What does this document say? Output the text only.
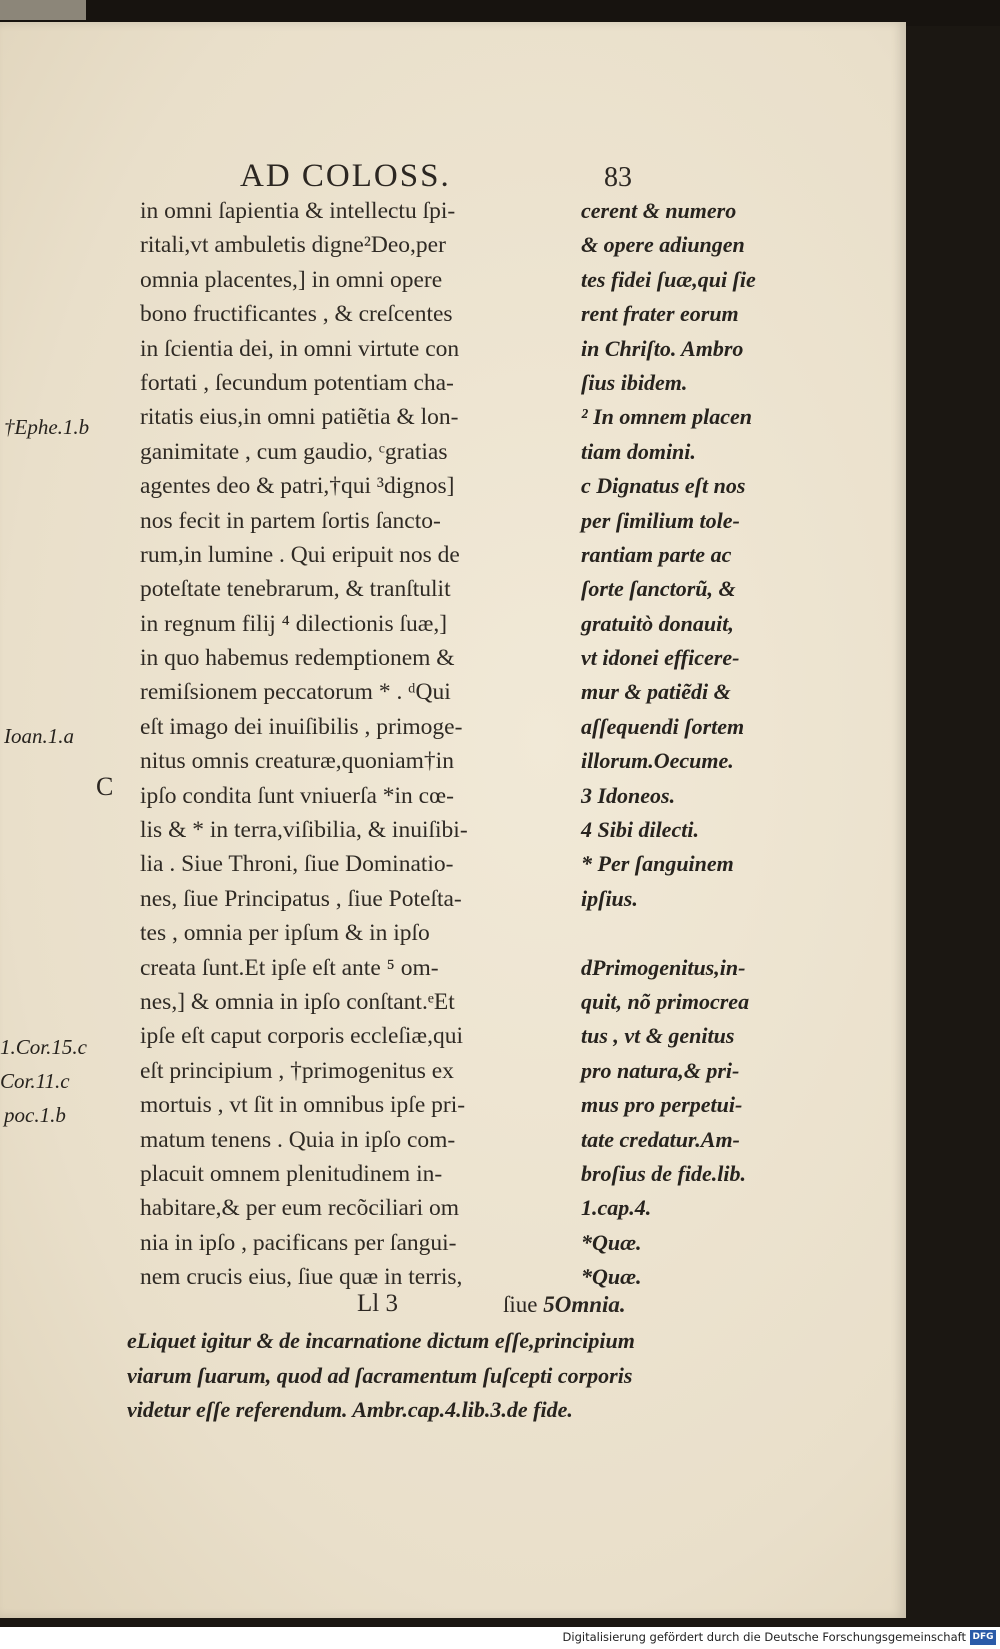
AD COLOSS.	83
in omni ſapientia & intellectu ſpi-
ritali,vt ambuletis digne²Deo,per
omnia placentes,] in omni opere
bono fructificantes , & creſcentes
in ſcientia dei, in omni virtute con
fortati , ſecundum potentiam cha-
ritatis eius,in omni patiẽtia & lon-
ganimitate , cum gaudio, ᶜgratias
agentes deo & patri,†qui ³dignos]
nos fecit in partem ſortis ſancto-
rum,in lumine . Qui eripuit nos de
poteſtate tenebrarum, & tranſtulit
in regnum filij ⁴ dilectionis ſuæ,]
in quo habemus redemptionem &
remiſsionem peccatorum * . ᵈQui
eſt imago dei inuiſibilis , primoge-
nitus omnis creaturæ,quoniam†in
ipſo condita ſunt vniuerſa *in cœ-
lis & * in terra,viſibilia, & inuiſibi-
lia . Siue Throni, ſiue Dominatio-
nes, ſiue Principatus , ſiue Poteſta-
tes , omnia per ipſum & in ipſo
creata ſunt.Et ipſe eſt ante ⁵ om-
nes,] & omnia in ipſo conſtant.ᵉEt
ipſe eſt caput corporis eccleſiæ,qui
eſt principium , †primogenitus ex
mortuis , vt ſit in omnibus ipſe pri-
matum tenens . Quia in ipſo com-
placuit omnem plenitudinem in-
habitare,& per eum recõciliari om
nia in ipſo , pacificans per ſangui-
nem crucis eius, ſiue quæ in terris,
cerent & numero
& opere adiungen
tes fidei ſuæ,qui ſie
rent frater eorum
in Chriſto. Ambro
ſius ibidem.
² In omnem placen
tiam domini.
c Dignatus eſt nos
per ſimilium tole-
rantiam parte ac
ſorte ſanctorũ, &
gratuitò donauit,
vt idonei efficere-
mur & patiẽdi &
aſſequendi ſortem
illorum.Oecume.
3 Idoneos.
4 Sibi dilecti.
* Per ſanguinem
ipſius.
dPrimogenitus,in-
quit, nõ primocrea
tus , vt & genitus
pro natura,& pri-
mus pro perpetui-
tate credatur.Am-
broſius de fide.lib.
1.cap.4.
*Quæ.
*Quæ.
†Ephe.1.b
Ioan.1.a
1.Cor.15.c
Cor.11.c
poc.1.b
C
Ll 3	ſiue 5Omnia.
eLiquet igitur & de incarnatione dictum eſſe,principium
viarum ſuarum, quod ad ſacramentum ſuſcepti corporis
videtur eſſe referendum. Ambr.cap.4.lib.3.de fide.
Digitalisierung gefördert durch die Deutsche Forschungsgemeinschaft DFG
